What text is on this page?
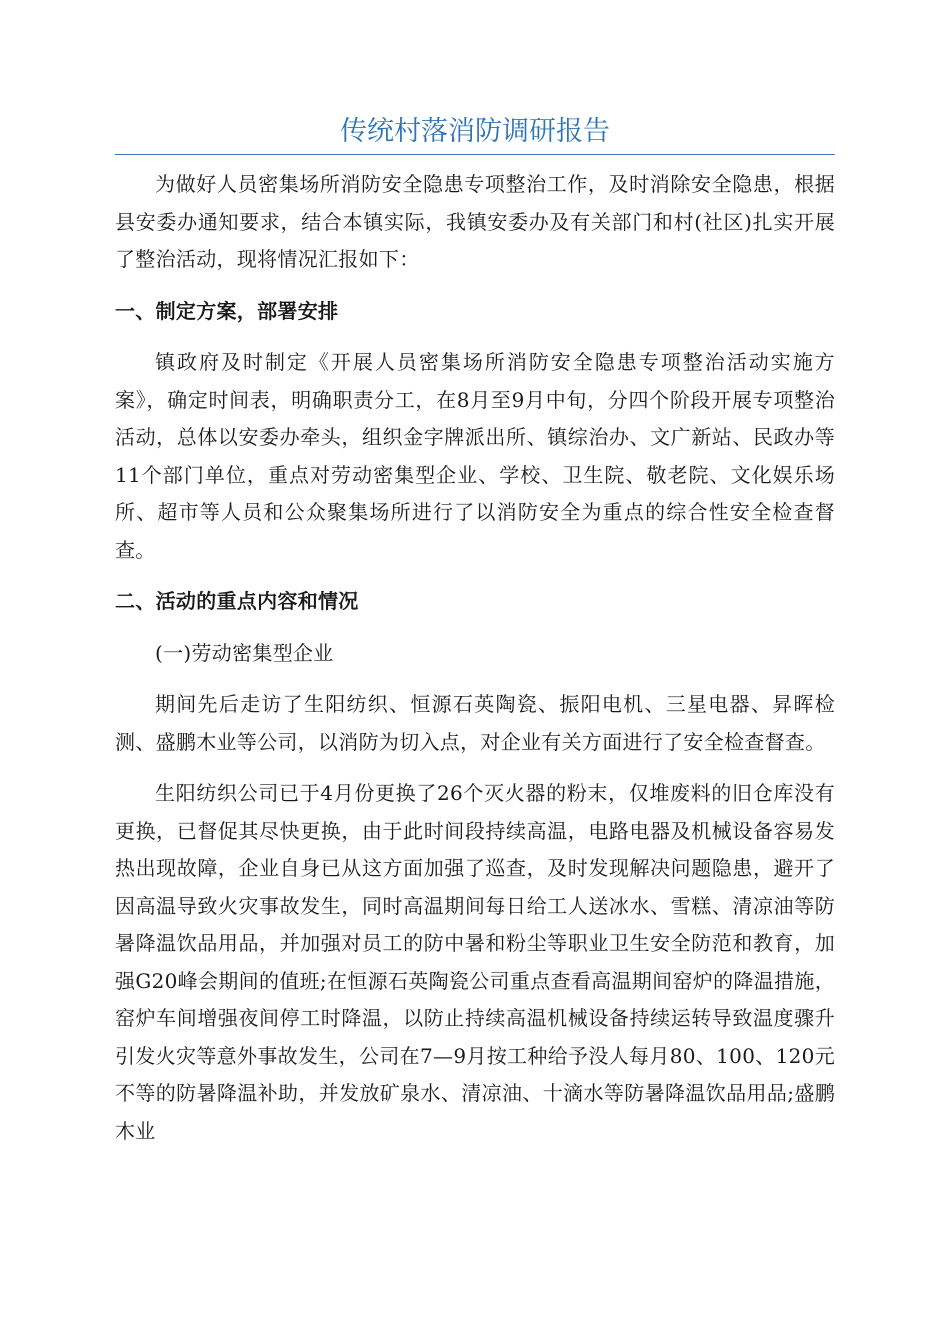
传统村落消防调研报告

为做好人员密集场所消防安全隐患专项整治工作，及时消除安全隐患，根据县安委办通知要求，结合本镇实际，我镇安委办及有关部门和村(社区)扎实开展了整治活动，现将情况汇报如下：

一、制定方案，部署安排

镇政府及时制定《开展人员密集场所消防安全隐患专项整治活动实施方案》，确定时间表，明确职责分工，在8月至9月中旬，分四个阶段开展专项整治活动，总体以安委办牵头，组织金字牌派出所、镇综治办、文广新站、民政办等11个部门单位，重点对劳动密集型企业、学校、卫生院、敬老院、文化娱乐场所、超市等人员和公众聚集场所进行了以消防安全为重点的综合性安全检查督查。

二、活动的重点内容和情况

(一)劳动密集型企业

期间先后走访了生阳纺织、恒源石英陶瓷、振阳电机、三星电器、昇晖检测、盛鹏木业等公司，以消防为切入点，对企业有关方面进行了安全检查督查。

生阳纺织公司已于4月份更换了26个灭火器的粉末，仅堆废料的旧仓库没有更换，已督促其尽快更换，由于此时间段持续高温，电路电器及机械设备容易发热出现故障，企业自身已从这方面加强了巡查，及时发现解决问题隐患，避开了因高温导致火灾事故发生，同时高温期间每日给工人送冰水、雪糕、清凉油等防暑降温饮品用品，并加强对员工的防中暑和粉尘等职业卫生安全防范和教育，加强G20峰会期间的值班;在恒源石英陶瓷公司重点查看高温期间窑炉的降温措施，窑炉车间增强夜间停工时降温，以防止持续高温机械设备持续运转导致温度骤升引发火灾等意外事故发生，公司在7—9月按工种给予没人每月80、100、120元不等的防暑降温补助，并发放矿泉水、清凉油、十滴水等防暑降温饮品用品;盛鹏木业
